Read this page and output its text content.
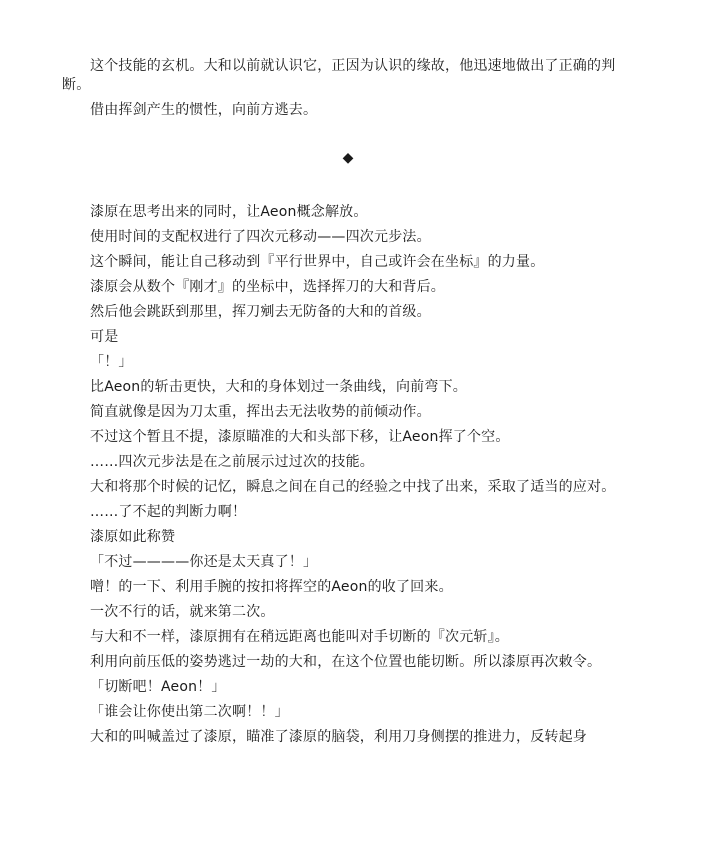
这个技能的玄机。大和以前就认识它，正因为认识的缘故，他迅速地做出了正确的判断。

借由挥剑产生的惯性，向前方逃去。

◆

漆原在思考出来的同时，让Aeon概念解放。

使用时间的支配权进行了四次元移动——四次元步法。

这个瞬间，能让自己移动到『平行世界中，自己或许会在坐标』的力量。

漆原会从数个『刚才』的坐标中，选择挥刀的大和背后。

然后他会跳跃到那里，挥刀剜去无防备的大和的首级。

可是

「！」

比Aeon的斩击更快，大和的身体划过一条曲线，向前弯下。

简直就像是因为刀太重，挥出去无法收势的前倾动作。

不过这个暂且不提，漆原瞄准的大和头部下移，让Aeon挥了个空。

……四次元步法是在之前展示过过次的技能。

大和将那个时候的记忆，瞬息之间在自己的经验之中找了出来，采取了适当的应对。

……了不起的判断力啊！

漆原如此称赞

「不过————你还是太天真了！」

噌！的一下、利用手腕的按扣将挥空的Aeon的收了回来。

一次不行的话，就来第二次。

与大和不一样，漆原拥有在稍远距离也能叫对手切断的『次元斩』。

利用向前压低的姿势逃过一劫的大和，在这个位置也能切断。所以漆原再次敕令。

「切断吧！Aeon！」

「谁会让你使出第二次啊！！」

大和的叫喊盖过了漆原，瞄准了漆原的脑袋，利用刀身侧摆的推进力，反转起身
